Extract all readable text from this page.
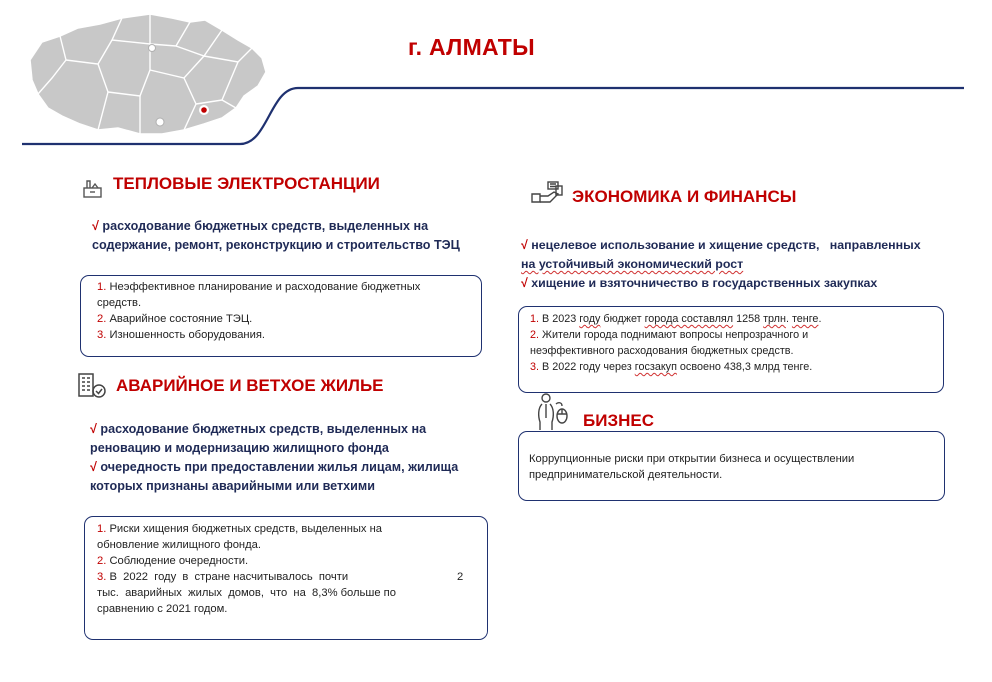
г. АЛМАТЫ
ТЕПЛОВЫЕ ЭЛЕКТРОСТАНЦИИ
√ расходование бюджетных средств, выделенных на
содержание, ремонт, реконструкцию и строительство ТЭЦ
1. Неэффективное планирование и расходование бюджетных
средств.
2. Аварийное состояние ТЭЦ.
3. Изношенность оборудования.
АВАРИЙНОЕ И ВЕТХОЕ ЖИЛЬЕ
√ расходование бюджетных средств, выделенных на
реновацию и модернизацию жилищного фонда
√ очередность при предоставлении жилья лицам, жилища
которых признаны аварийными или ветхими
1. Риски хищения бюджетных средств, выделенных на
обновление жилищного фонда.
2. Соблюдение очередности.
3. В  2022  году  в  стране насчитывалось  почти	2
тыс.  аварийных  жилых  домов,  что  на  8,3% больше по
сравнению с 2021 годом.
ЭКОНОМИКА И ФИНАНСЫ
√ нецелевое использование и хищение средств, направленных
на устойчивый экономический рост
√ хищение и взяточничество в государственных закупках
1. В 2023 году бюджет города составлял 1258 трлн. тенге.
2. Жители города поднимают вопросы непрозрачного и
неэффективного расходования бюджетных средств.
3. В 2022 году через госзакуп освоено 438,3 млрд тенге.
БИЗНЕС
Коррупционные риски при открытии бизнеса и осуществлении
предпринимательской деятельности.
